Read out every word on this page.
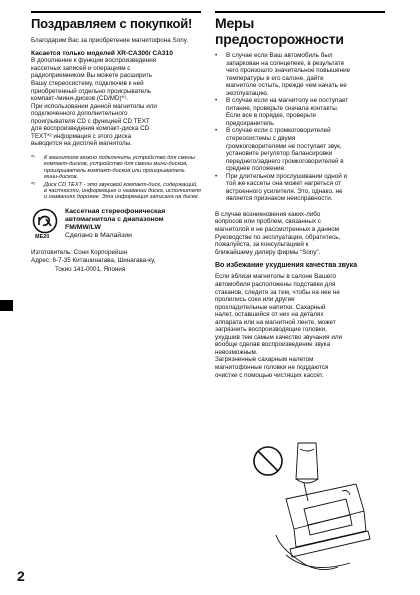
Поздравляем с покупкой!

Благодарим Вас за приобретение магнитофона Sony.

Касается только моделей XR-CA300/ CA310

В дополнение к функции воспроизведения

кассетных записей и операциям с

радиоприемником Вы можете расширить

Вашу стереосистему, подключив к ней

приобретенный отдельно проигрыватель

компакт-/мини-дисков (CD/MD)*¹.

При использовании данной магнитолы или

подключенного дополнительного

проигрывателя CD с функцией CD TEXT

для воспроизведения компакт-диска CD

TEXT*² информация с этого диска

выводится на дисплей магнитолы.

*¹	К магнитоле можно подключить устройство для смены компакт-дисков, устройство для смены мини-дисков, проигрыватель компакт-дисков или проигрыватель мини-дисков.
*²	Диск CD TEXT - это звуковой компакт-диск, содержащий, в частности, информацию о названии диска, исполнителя и названиях дорожек. Эта информация записана на диске.
ME20

Кассетная стереофоническая автомагнитола с диапазоном FM/MW/LW

Сделано в Малайзии

Изготовитель: Сони Корпорейшн

Адрес: 6-7-35 Киташинагава, Шинагава-ку,

Токио 141-0001, Япония

Меры
предосторожности
•	В случае если Ваш автомобиль был

запаркован на солнцепеке, в результате

чего произошло значительное повышение

температуры в его салоне, дайте

магнитоле остыть, прежде чем начать ее

эксплуатацию.

•	В случае если на магнитолу не поступает

питание, проверьте сначала контакты.

Если все в порядке, проверьте

предохранитель.

•	В случае если с громкоговорителей

стереосистемы с двумя

громкоговорителями не поступает звук,

установите регулятор балансировки

переднего/заднего громкоговорителей в

среднее положение.

•	При длительном прослушивании одной и

той же кассеты она может нагреться от

встроенного усилителя. Это, однако, не

является признаком неисправности.

В случае возникновения каких-либо

вопросов или проблем, связанных с

магнитолой и не рассмотренных в данном

Руководстве по эксплуатации, обратитесь,

пожалуйста, за консультацией к

ближайшему дилеру фирмы “Sony”.

Во избежание ухудшения качества звука

Если вблизи магнитолы в салоне Вашего

автомобиля расположены подставки для

стаканов, следите за тем, чтобы на нее не

пролились соки или другие

прохладительные напитки. Сахарный

налет, оставшийся от них на деталях

аппарата или на магнитной ленте, может

загрязнить воспроизводящие головки,

ухудшив тем самым качество звучания или

вообще сделав воспроизведение звука

невозможным.

Загрязненные сахарным налетом

магнитофонные головки не поддаются

очистке с помощью чистящих кассет.

2
